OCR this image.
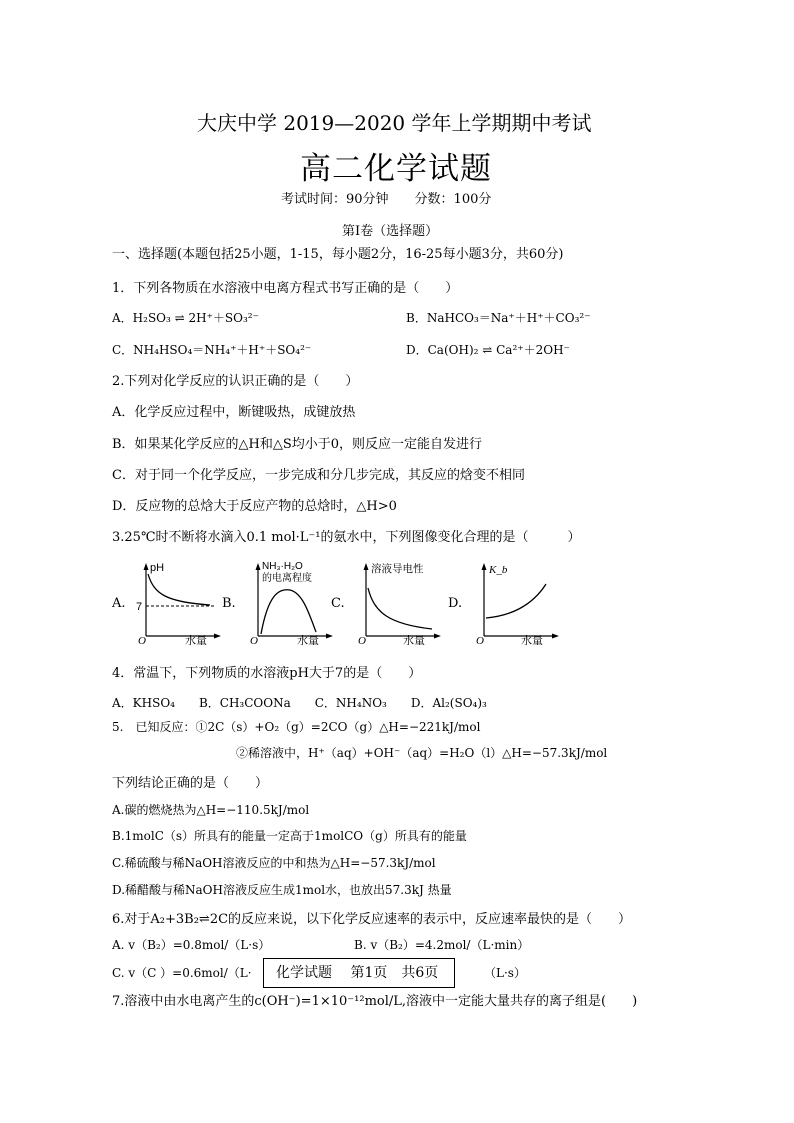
大庆中学 2019—2020 学年上学期期中考试
高二化学试题
考试时间：90分钟　　分数：100分
第Ⅰ卷（选择题）
一、选择题(本题包括25小题，1-15，每小题2分，16-25每小题3分，共60分)
1．下列各物质在水溶液中电离方程式书写正确的是（　　）
A．H₂SO₃ ⇌ 2H⁺＋SO₃²⁻	B．NaHCO₃＝Na⁺＋H⁺＋CO₃²⁻
C．NH₄HSO₄＝NH₄⁺＋H⁺＋SO₄²⁻	D．Ca(OH)₂ ⇌ Ca²⁺＋2OH⁻
2.下列对化学反应的认识正确的是（　　）
A．化学反应过程中，断键吸热，成键放热
B．如果某化学反应的△H和△S均小于0，则反应一定能自发进行
C．对于同一个化学反应，一步完成和分几步完成，其反应的焓变不相同
D．反应物的总焓大于反应产物的总焓时，△H>0
3.25℃时不断将水滴入0.1 mol·L⁻¹的氨水中，下列图像变化合理的是（　　　）
A.
pH
7
O	水量
B.
NH₃·H₂O
的电离程度
O	水量
C.
溶液导电性
O	水量
D.
K_b
O	水量
4．常温下，下列物质的水溶液pH大于7的是（　　）
A．KHSO₄　　B．CH₃COONa　　C．NH₄NO₃　　D．Al₂(SO₄)₃
5.　已知反应：①2C（s）+O₂（g）=2CO（g）△H=−221kJ/mol
②稀溶液中，H⁺（aq）+OH⁻（aq）=H₂O（l）△H=−57.3kJ/mol
下列结论正确的是（　　）
A.碳的燃烧热为△H=−110.5kJ/mol
B.1molC（s）所具有的能量一定高于1molCO（g）所具有的能量
C.稀硫酸与稀NaOH溶液反应的中和热为△H=−57.3kJ/mol
D.稀醋酸与稀NaOH溶液反应生成1mol水，也放出57.3kJ 热量
6.对于A₂+3B₂⇌2C的反应来说，以下化学反应速率的表示中，反应速率最快的是（　　）
A. v（B₂）=0.8mol/（L·s）	B. v（B₂）=4.2mol/（L·min）
C. v（C ）=0.6mol/（L·	（L·s）
化学试题　 第1页　共6页
7.溶液中由水电离产生的c(OH⁻)=1×10⁻¹²mol/L,溶液中一定能大量共存的离子组是(　　)
